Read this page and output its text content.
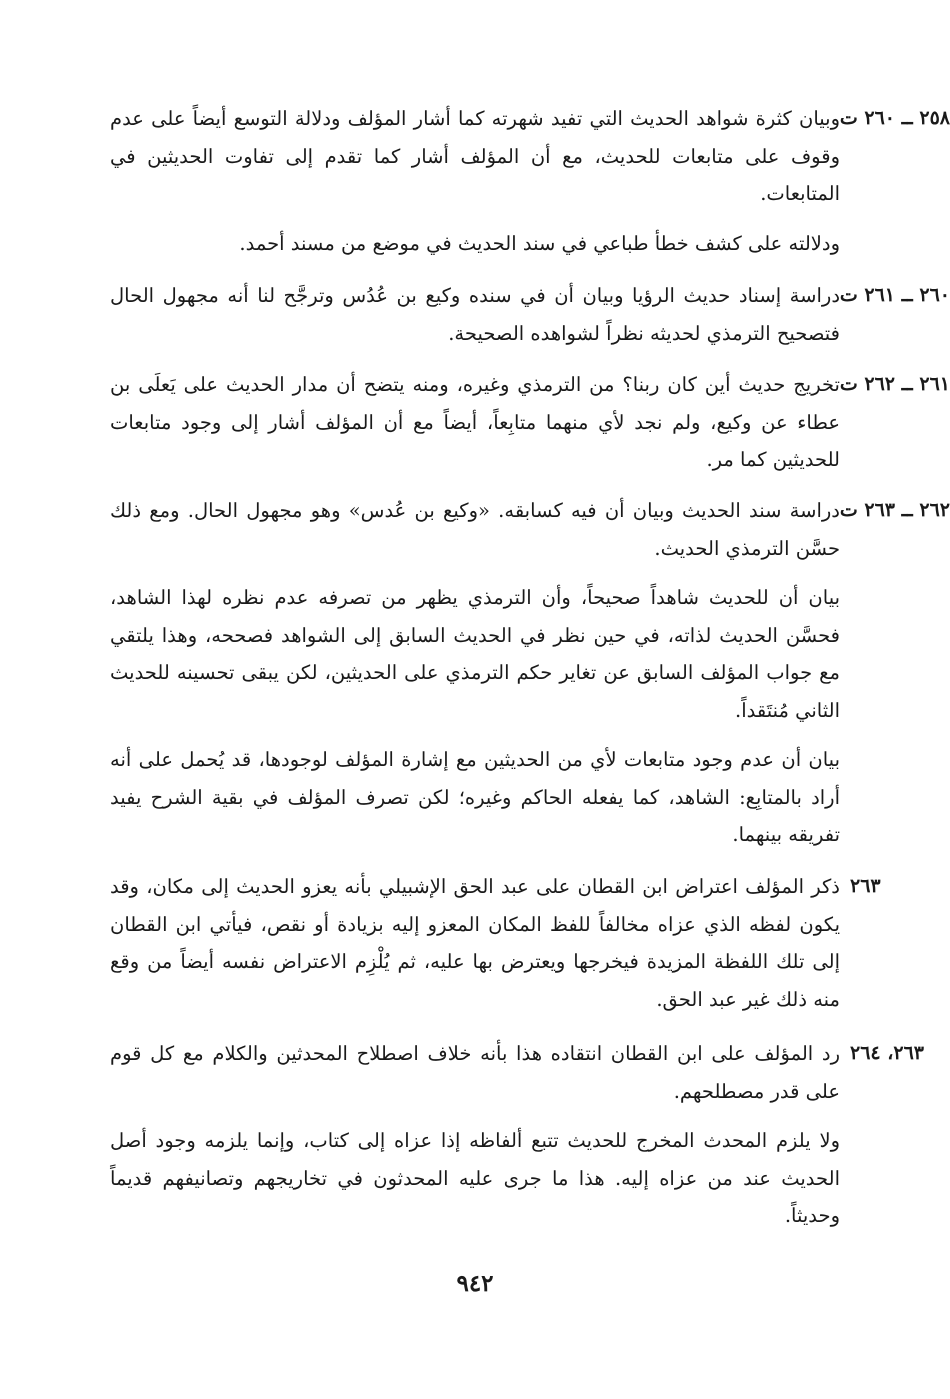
٢٥٨ ــ ٢٦٠ ت

وبيان كثرة شواهد الحديث التي تفيد شهرته كما أشار المؤلف ودلالة التوسع أيضاً على عدم وقوف على متابعات للحديث، مع أن المؤلف أشار كما تقدم إلى تفاوت الحديثين في المتابعات.

ودلالته على كشف خطأ طباعي في سند الحديث في موضع من مسند أحمد.

٢٦٠ ــ ٢٦١ ت

دراسة إسناد حديث الرؤيا وبيان أن في سنده وكيع بن عُدُس وترجَّح لنا أنه مجهول الحال فتصحيح الترمذي لحديثه نظراً لشواهده الصحيحة.

٢٦١ ــ ٢٦٢ ت

تخريج حديث أين كان ربنا؟ من الترمذي وغيره، ومنه يتضح أن مدار الحديث على يَعلَى بن عطاء عن وكيع، ولم نجد لأي منهما متابِعاً، أيضاً مع أن المؤلف أشار إلى وجود متابعات للحديثين كما مر.

٢٦٢ ــ ٢٦٣ ت

دراسة سند الحديث وبيان أن فيه كسابقه. «وكيع بن عُدس» وهو مجهول الحال. ومع ذلك حسَّن الترمذي الحديث.

بيان أن للحديث شاهداً صحيحاً، وأن الترمذي يظهر من تصرفه عدم نظره لهذا الشاهد، فحسَّن الحديث لذاته، في حين نظر في الحديث السابق إلى الشواهد فصححه، وهذا يلتقي مع جواب المؤلف السابق عن تغاير حكم الترمذي على الحديثين، لكن يبقى تحسينه للحديث الثاني مُنتَقداً.

بيان أن عدم وجود متابعات لأي من الحديثين مع إشارة المؤلف لوجودها، قد يُحمل على أنه أراد بالمتابِع: الشاهد، كما يفعله الحاكم وغيره؛ لكن تصرف المؤلف في بقية الشرح يفيد تفريقه بينهما.

٢٦٣

ذكر المؤلف اعتراض ابن القطان على عبد الحق الإشبيلي بأنه يعزو الحديث إلى مكان، وقد يكون لفظه الذي عزاه مخالفاً للفظ المكان المعزو إليه بزيادة أو نقص، فيأتي ابن القطان إلى تلك اللفظة المزيدة فيخرجها ويعترض بها عليه، ثم يُلْزِم الاعتراض نفسه أيضاً من وقع منه ذلك غير عبد الحق.

٢٦٣، ٢٦٤

رد المؤلف على ابن القطان انتقاده هذا بأنه خلاف اصطلاح المحدثين والكلام مع كل قوم على قدر مصطلحهم.

ولا يلزم المحدث المخرج للحديث تتبع ألفاظه إذا عزاه إلى كتاب، وإنما يلزمه وجود أصل الحديث عند من عزاه إليه. هذا ما جرى عليه المحدثون في تخاريجهم وتصانيفهم قديماً وحديثاً.

٩٤٢
